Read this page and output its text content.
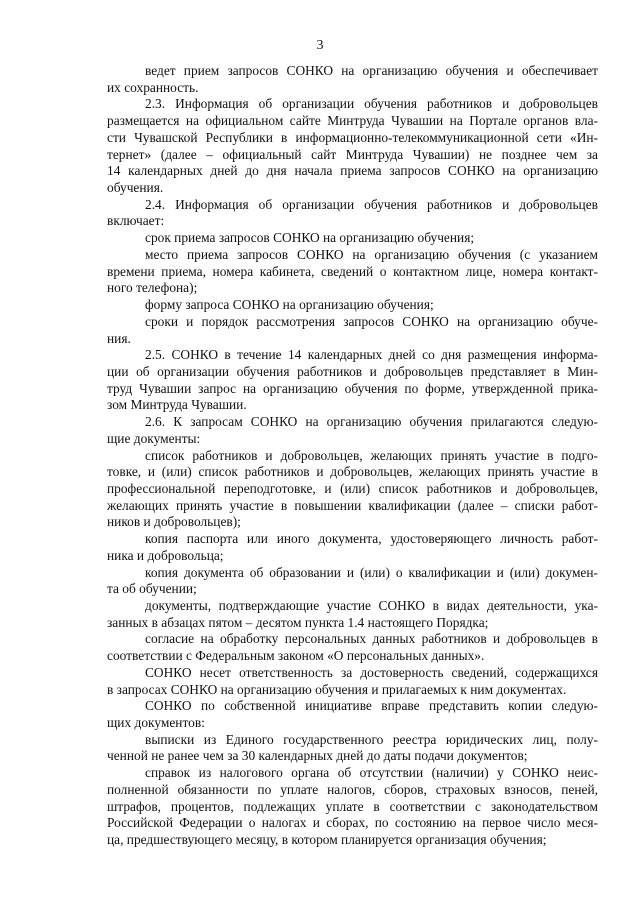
3
ведет прием запросов СОНКО на организацию обучения и обеспечивает
их сохранность.
2.3. Информация об организации обучения работников и добровольцев
размещается на официальном сайте Минтруда Чувашии на Портале органов вла-
сти Чувашской Республики в информационно-телекоммуникационной сети «Ин-
тернет» (далее – официальный сайт Минтруда Чувашии) не позднее чем за
14 календарных дней до дня начала приема запросов СОНКО на организацию
обучения.
2.4. Информация об организации обучения работников и добровольцев
включает:
срок приема запросов СОНКО на организацию обучения;
место приема запросов СОНКО на организацию обучения (с указанием
времени приема, номера кабинета, сведений о контактном лице, номера контакт-
ного телефона);
форму запроса СОНКО на организацию обучения;
сроки и порядок рассмотрения запросов СОНКО на организацию обуче-
ния.
2.5. СОНКО в течение 14 календарных дней со дня размещения информа-
ции об организации обучения работников и добровольцев представляет в Мин-
труд Чувашии запрос на организацию обучения по форме, утвержденной прика-
зом Минтруда Чувашии.
2.6. К запросам СОНКО на организацию обучения прилагаются следую-
щие документы:
список работников и добровольцев, желающих принять участие в подго-
товке, и (или) список работников и добровольцев, желающих принять участие в
профессиональной переподготовке, и (или) список работников и добровольцев,
желающих принять участие в повышении квалификации (далее – списки работ-
ников и добровольцев);
копия паспорта или иного документа, удостоверяющего личность работ-
ника и добровольца;
копия документа об образовании и (или) о квалификации и (или) докумен-
та об обучении;
документы, подтверждающие участие СОНКО в видах деятельности, ука-
занных в абзацах пятом – десятом пункта 1.4 настоящего Порядка;
согласие на обработку персональных данных работников и добровольцев в
соответствии с Федеральным законом «О персональных данных».
СОНКО несет ответственность за достоверность сведений, содержащихся
в запросах СОНКО на организацию обучения и прилагаемых к ним документах.
СОНКО по собственной инициативе вправе представить копии следую-
щих документов:
выписки из Единого государственного реестра юридических лиц, полу-
ченной не ранее чем за 30 календарных дней до даты подачи документов;
справок из налогового органа об отсутствии (наличии) у СОНКО неис-
полненной обязанности по уплате налогов, сборов, страховых взносов, пеней,
штрафов, процентов, подлежащих уплате в соответствии с законодательством
Российской Федерации о налогах и сборах, по состоянию на первое число меся-
ца, предшествующего месяцу, в котором планируется организация обучения;
